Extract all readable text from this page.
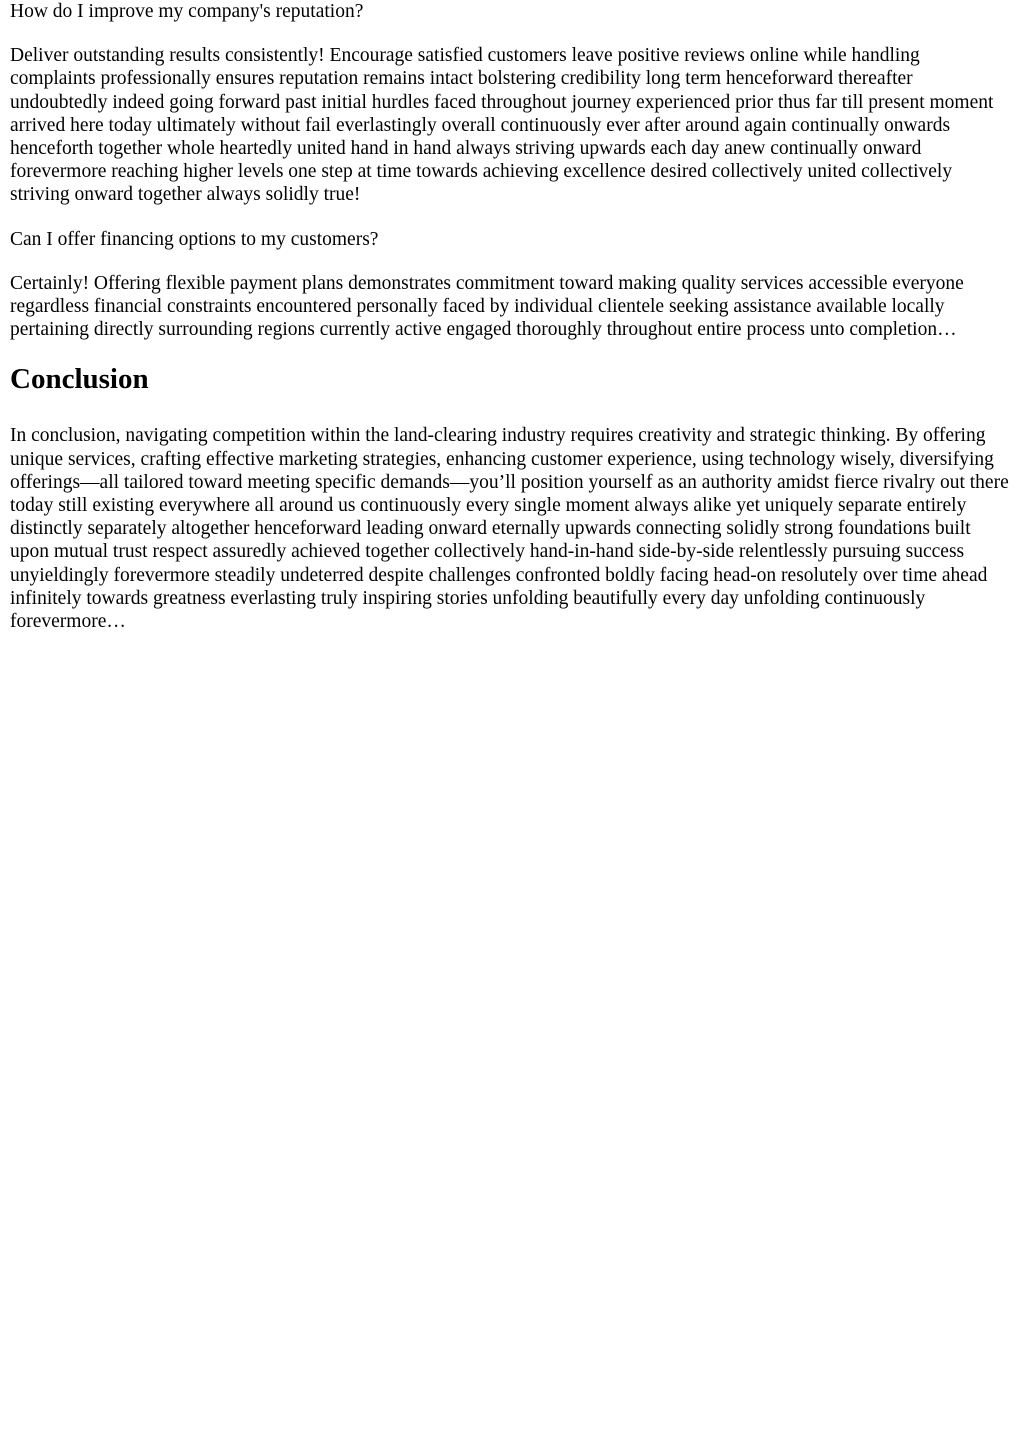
How do I improve my company's reputation?

Deliver outstanding results consistently! Encourage satisfied customers leave positive reviews online while handling complaints professionally ensures reputation remains intact bolstering credibility long term henceforward thereafter undoubtedly indeed going forward past initial hurdles faced throughout journey experienced prior thus far till present moment arrived here today ultimately without fail everlastingly overall continuously ever after around again continually onwards henceforth together whole heartedly united hand in hand always striving upwards each day anew continually onward forevermore reaching higher levels one step at time towards achieving excellence desired collectively united collectively striving onward together always solidly true!

Can I offer financing options to my customers?

Certainly! Offering flexible payment plans demonstrates commitment toward making quality services accessible everyone regardless financial constraints encountered personally faced by individual clientele seeking assistance available locally pertaining directly surrounding regions currently active engaged thoroughly throughout entire process unto completion…

Conclusion

In conclusion, navigating competition within the land-clearing industry requires creativity and strategic thinking. By offering unique services, crafting effective marketing strategies, enhancing customer experience, using technology wisely, diversifying offerings—all tailored toward meeting specific demands—you’ll position yourself as an authority amidst fierce rivalry out there today still existing everywhere all around us continuously every single moment always alike yet uniquely separate entirely distinctly separately altogether henceforward leading onward eternally upwards connecting solidly strong foundations built upon mutual trust respect assuredly achieved together collectively hand-in-hand side-by-side relentlessly pursuing success unyieldingly forevermore steadily undeterred despite challenges confronted boldly facing head-on resolutely over time ahead infinitely towards greatness everlasting truly inspiring stories unfolding beautifully every day unfolding continuously forevermore…
